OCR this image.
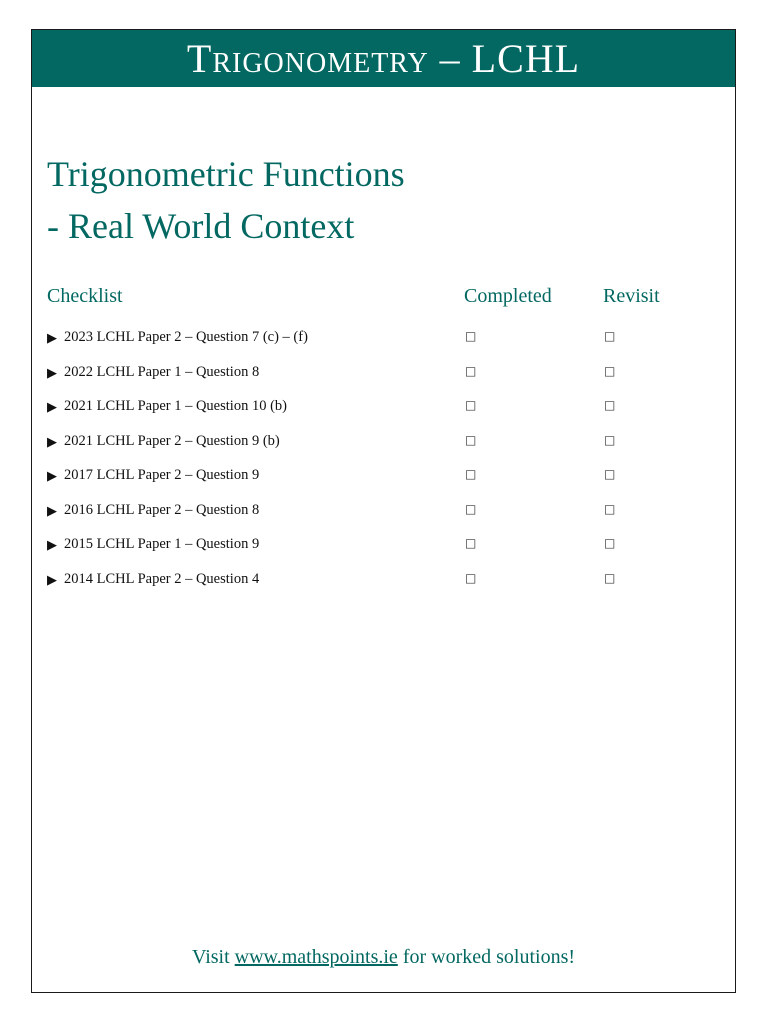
Trigonometry – LCHL
Trigonometric Functions
- Real World Context
Checklist	Completed	Revisit
▶ 2023 LCHL Paper 2 – Question 7 (c) – (f)	□	□
▶ 2022 LCHL Paper 1 – Question 8	□	□
▶ 2021 LCHL Paper 1 – Question 10 (b)	□	□
▶ 2021 LCHL Paper 2 – Question 9 (b)	□	□
▶ 2017 LCHL Paper 2 – Question 9	□	□
▶ 2016 LCHL Paper 2 – Question 8	□	□
▶ 2015 LCHL Paper 1 – Question 9	□	□
▶ 2014 LCHL Paper 2 – Question 4	□	□
Visit www.mathspoints.ie for worked solutions!
